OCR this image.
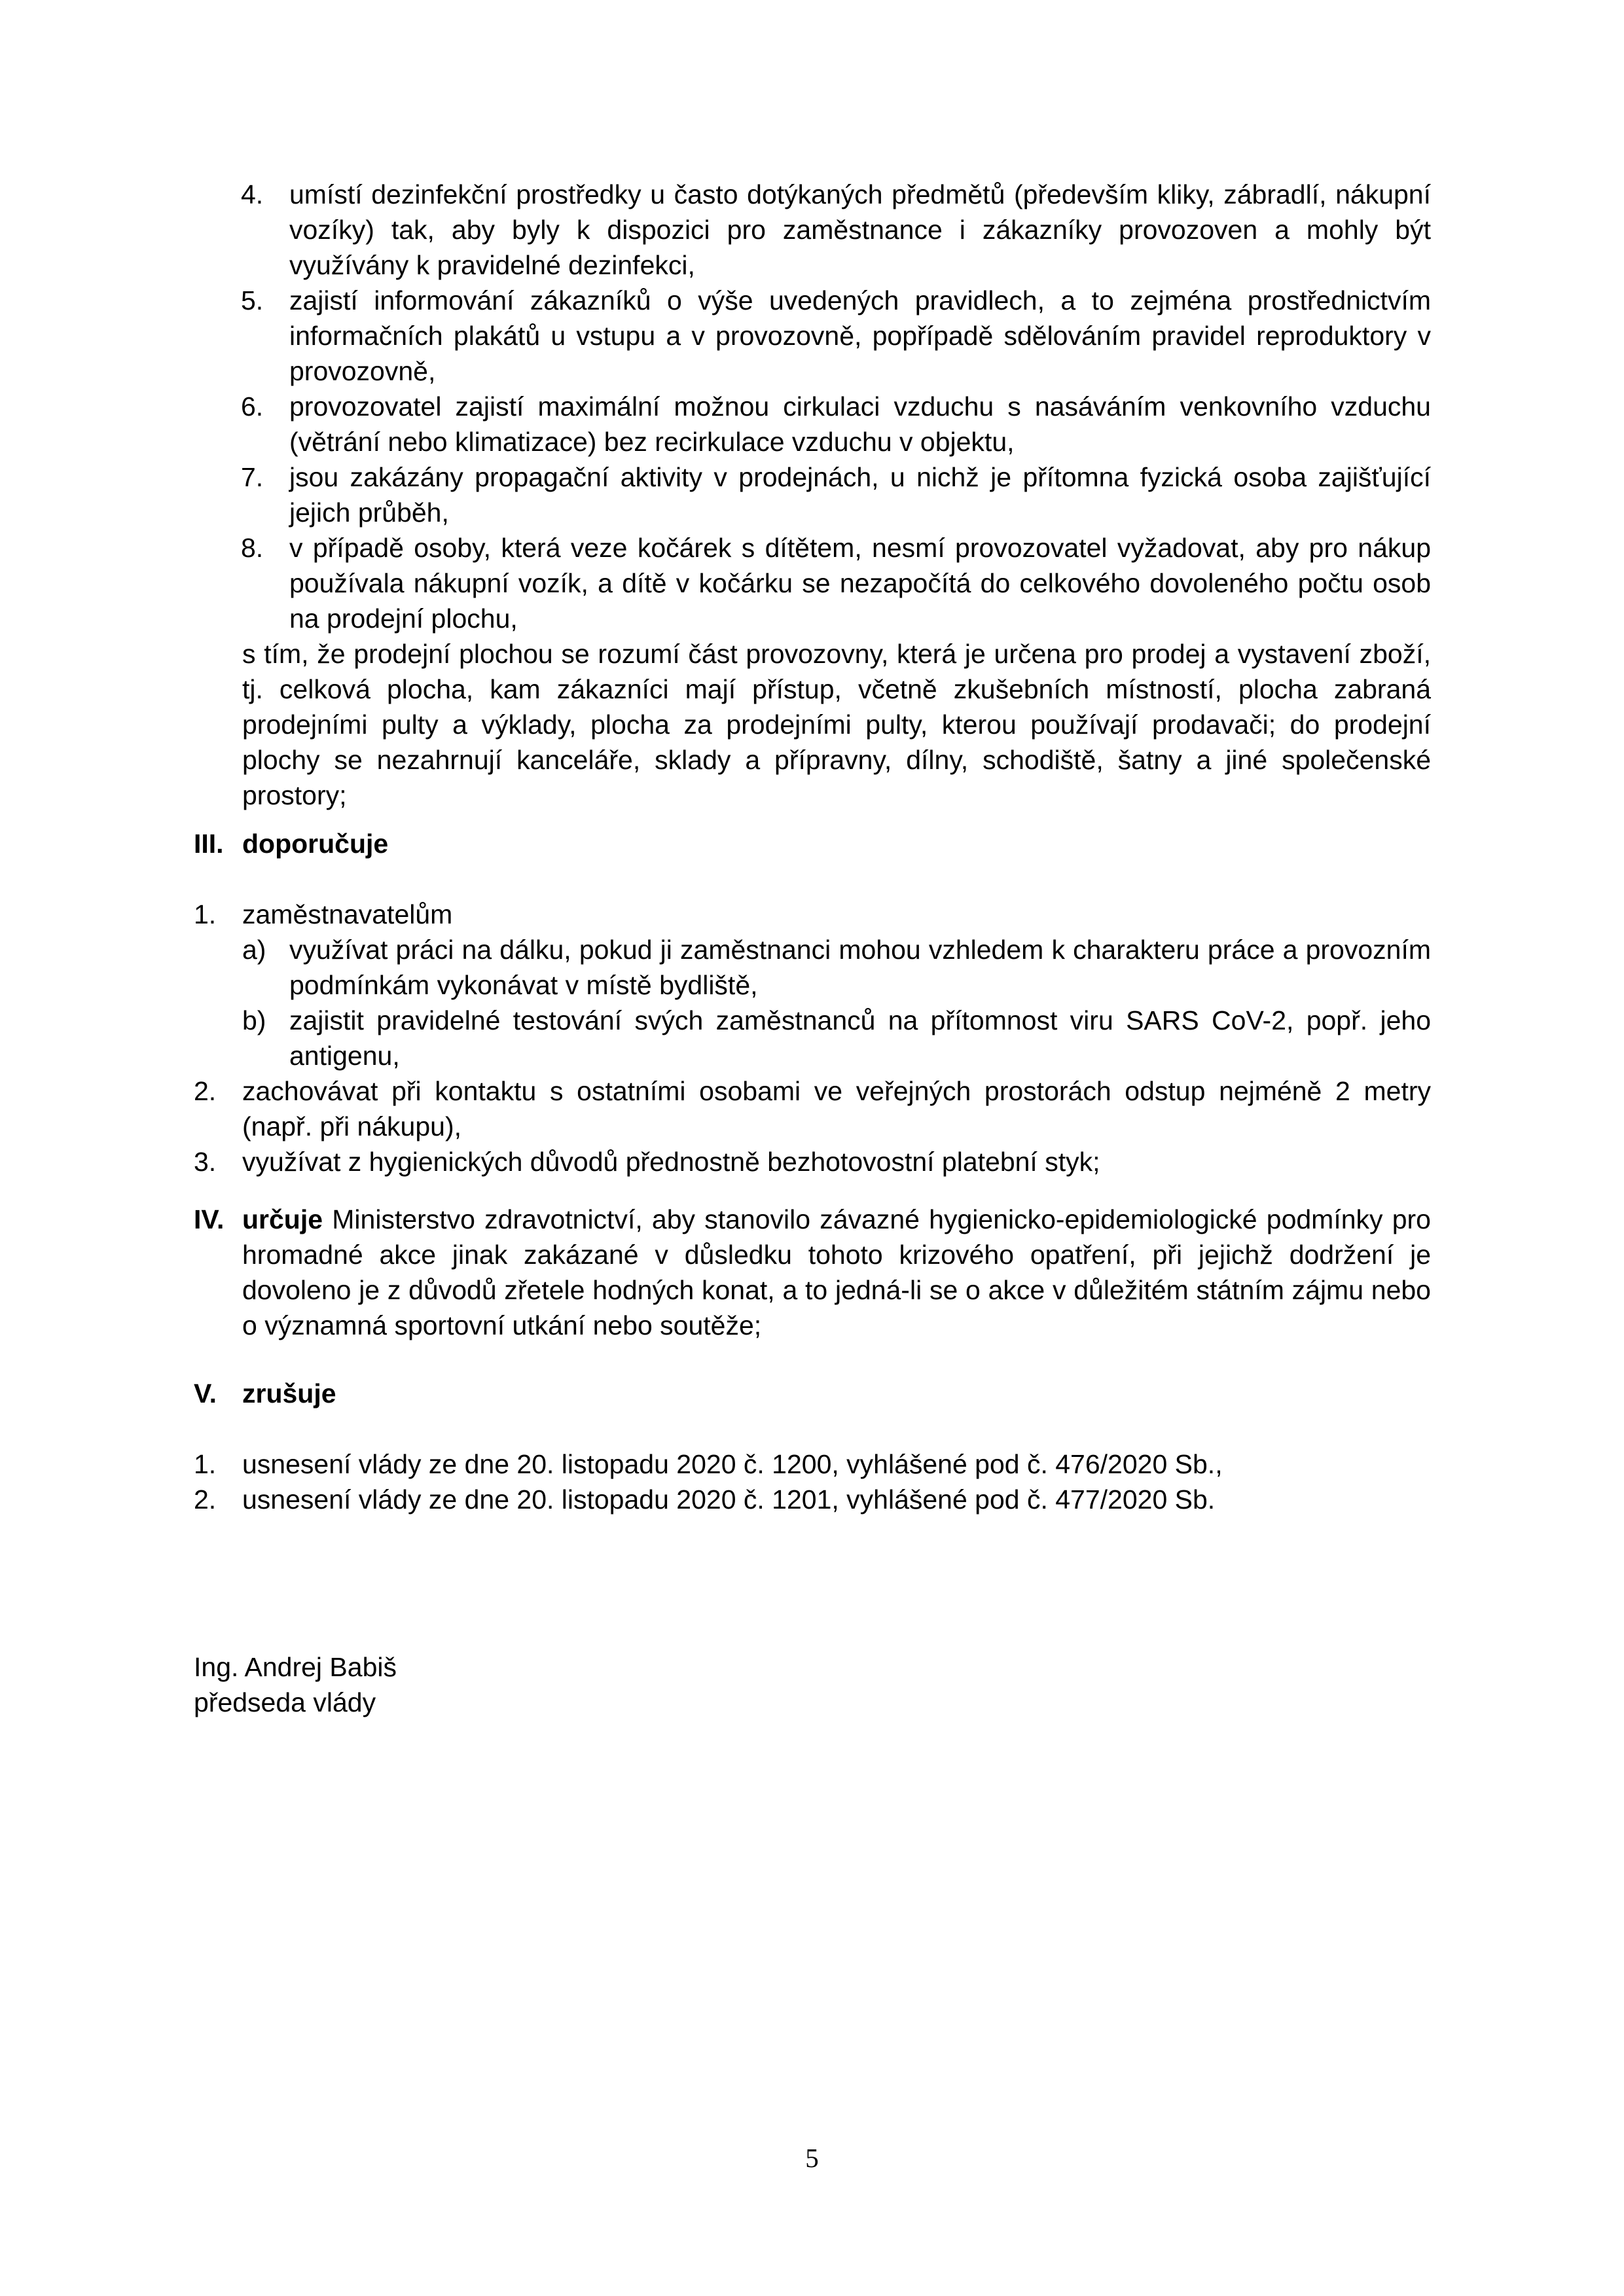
4. umístí dezinfekční prostředky u často dotýkaných předmětů (především kliky, zábradlí, nákupní vozíky) tak, aby byly k dispozici pro zaměstnance i zákazníky provozoven a mohly být využívány k pravidelné dezinfekci,
5. zajistí informování zákazníků o výše uvedených pravidlech, a to zejména prostřednictvím informačních plakátů u vstupu a v provozovně, popřípadě sdělováním pravidel reproduktory v provozovně,
6. provozovatel zajistí maximální možnou cirkulaci vzduchu s nasáváním venkovního vzduchu (větrání nebo klimatizace) bez recirkulace vzduchu v objektu,
7. jsou zakázány propagační aktivity v prodejnách, u nichž je přítomna fyzická osoba zajišťující jejich průběh,
8. v případě osoby, která veze kočárek s dítětem, nesmí provozovatel vyžadovat, aby pro nákup používala nákupní vozík, a dítě v kočárku se nezapočítá do celkového dovoleného počtu osob na prodejní plochu,
s tím, že prodejní plochou se rozumí část provozovny, která je určena pro prodej a vystavení zboží, tj. celková plocha, kam zákazníci mají přístup, včetně zkušebních místností, plocha zabraná prodejními pulty a výklady, plocha za prodejními pulty, kterou používají prodavači; do prodejní plochy se nezahrnují kanceláře, sklady a přípravny, dílny, schodiště, šatny a jiné společenské prostory;
III. doporučuje
1. zaměstnavatelům
a) využívat práci na dálku, pokud ji zaměstnanci mohou vzhledem k charakteru práce a provozním podmínkám vykonávat v místě bydliště,
b) zajistit pravidelné testování svých zaměstnanců na přítomnost viru SARS CoV-2, popř. jeho antigenu,
2. zachovávat při kontaktu s ostatními osobami ve veřejných prostorách odstup nejméně 2 metry (např. při nákupu),
3. využívat z hygienických důvodů přednostně bezhotovostní platební styk;
IV. určuje Ministerstvo zdravotnictví, aby stanovilo závazné hygienicko-epidemiologické podmínky pro hromadné akce jinak zakázané v důsledku tohoto krizového opatření, při jejichž dodržení je dovoleno je z důvodů zřetele hodných konat, a to jedná-li se o akce v důležitém státním zájmu nebo o významná sportovní utkání nebo soutěže;
V. zrušuje
1. usnesení vlády ze dne 20. listopadu 2020 č. 1200, vyhlášené pod č. 476/2020 Sb.,
2. usnesení vlády ze dne 20. listopadu 2020 č. 1201, vyhlášené pod č. 477/2020 Sb.
Ing. Andrej Babiš
předseda vlády
5
